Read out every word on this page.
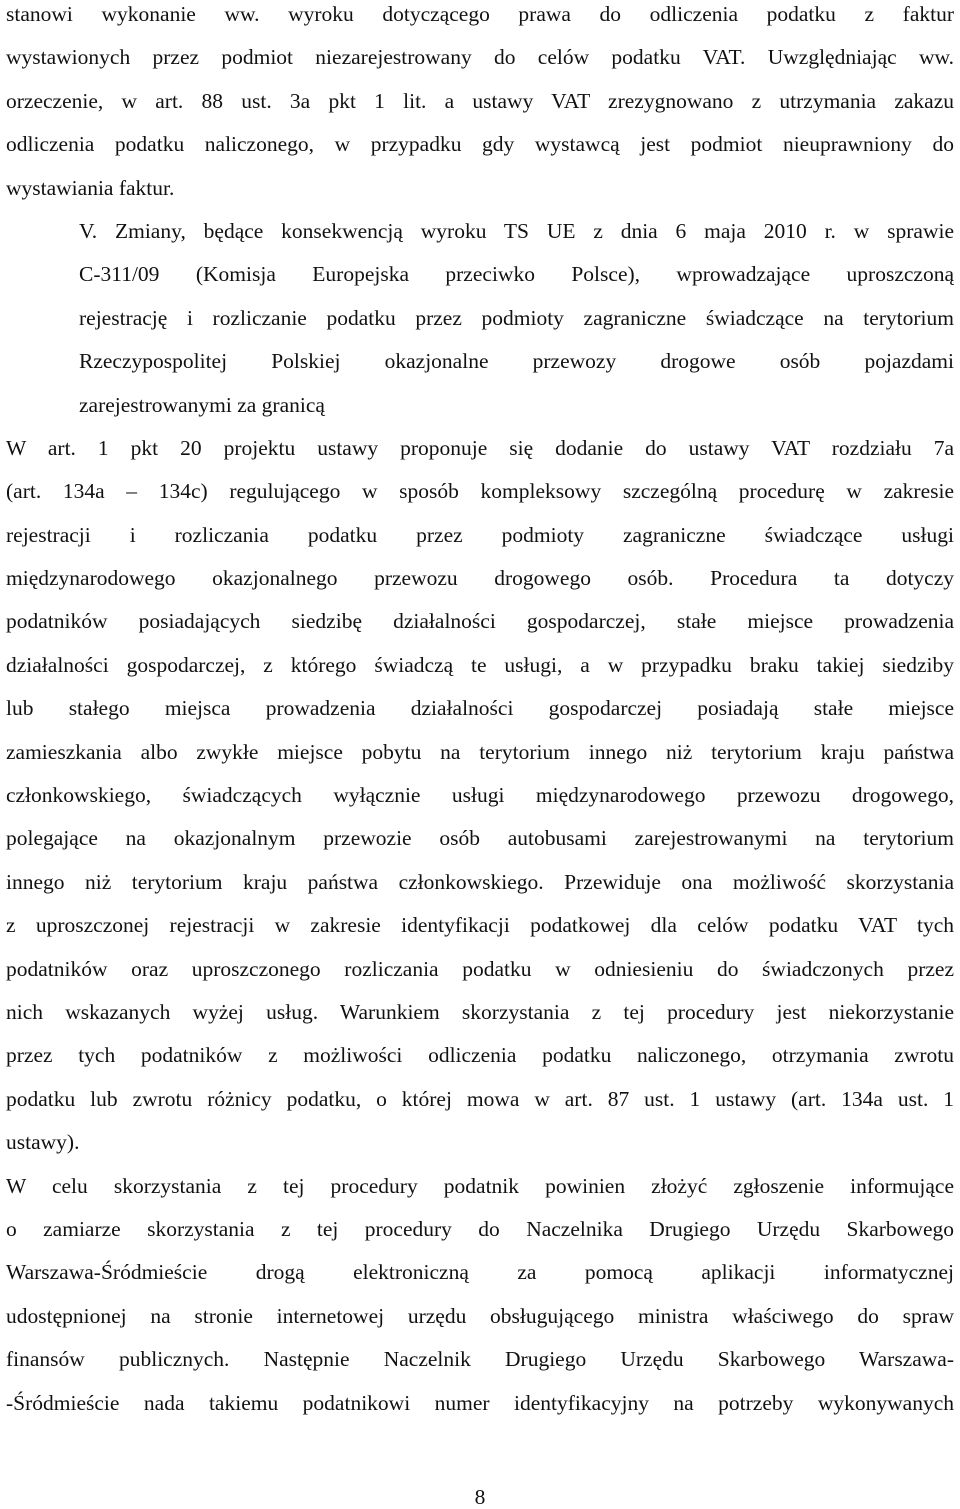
stanowi wykonanie ww. wyroku dotyczącego prawa do odliczenia podatku z faktur
wystawionych przez podmiot niezarejestrowany do celów podatku VAT. Uwzględniając ww.
orzeczenie, w art. 88 ust. 3a pkt 1 lit. a ustawy VAT zrezygnowano z utrzymania zakazu
odliczenia podatku naliczonego, w przypadku gdy wystawcą jest podmiot nieuprawniony do
wystawiania faktur.
V. Zmiany, będące konsekwencją wyroku TS UE z dnia 6 maja 2010 r. w sprawie
C-311/09 (Komisja Europejska przeciwko Polsce), wprowadzające uproszczoną
rejestrację i rozliczanie podatku przez podmioty zagraniczne świadczące na terytorium
Rzeczypospolitej Polskiej okazjonalne przewozy drogowe osób pojazdami
zarejestrowanymi za granicą
W art. 1 pkt 20 projektu ustawy proponuje się dodanie do ustawy VAT rozdziału 7a
(art. 134a – 134c) regulującego w sposób kompleksowy szczególną procedurę w zakresie
rejestracji i rozliczania podatku przez podmioty zagraniczne świadczące usługi
międzynarodowego okazjonalnego przewozu drogowego osób. Procedura ta dotyczy
podatników posiadających siedzibę działalności gospodarczej, stałe miejsce prowadzenia
działalności gospodarczej, z którego świadczą te usługi, a w przypadku braku takiej siedziby
lub stałego miejsca prowadzenia działalności gospodarczej posiadają stałe miejsce
zamieszkania albo zwykłe miejsce pobytu na terytorium innego niż terytorium kraju państwa
członkowskiego, świadczących wyłącznie usługi międzynarodowego przewozu drogowego,
polegające na okazjonalnym przewozie osób autobusami zarejestrowanymi na terytorium
innego niż terytorium kraju państwa członkowskiego. Przewiduje ona możliwość skorzystania
z uproszczonej rejestracji w zakresie identyfikacji podatkowej dla celów podatku VAT tych
podatników oraz uproszczonego rozliczania podatku w odniesieniu do świadczonych przez
nich wskazanych wyżej usług. Warunkiem skorzystania z tej procedury jest niekorzystanie
przez tych podatników z możliwości odliczenia podatku naliczonego, otrzymania zwrotu
podatku lub zwrotu różnicy podatku, o której mowa w art. 87 ust. 1 ustawy (art. 134a ust. 1
ustawy).
W celu skorzystania z tej procedury podatnik powinien złożyć zgłoszenie informujące
o zamiarze skorzystania z tej procedury do Naczelnika Drugiego Urzędu Skarbowego
Warszawa-Śródmieście drogą elektroniczną za pomocą aplikacji informatycznej
udostępnionej na stronie internetowej urzędu obsługującego ministra właściwego do spraw
finansów publicznych. Następnie Naczelnik Drugiego Urzędu Skarbowego Warszawa-
-Śródmieście nada takiemu podatnikowi numer identyfikacyjny na potrzeby wykonywanych
8
